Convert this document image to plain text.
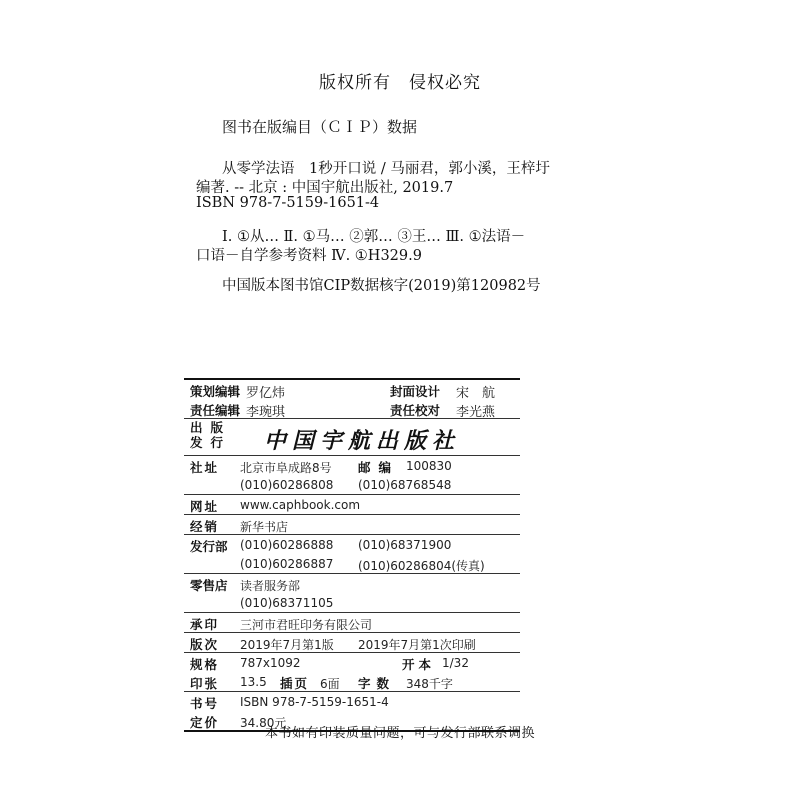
版权所有　侵权必究
图书在版编目（ＣＩＰ）数据
从零学法语　1秒开口说 / 马丽君，郭小溪，王梓圩
编著. -- 北京 : 中国宇航出版社, 2019.7
ISBN 978-7-5159-1651-4
Ⅰ. ①从… Ⅱ. ①马… ②郭… ③王… Ⅲ. ①法语－
口语－自学参考资料 Ⅳ. ①H329.9
中国版本图书馆CIP数据核字(2019)第120982号
策划编辑 罗亿炜	封面设计 宋　航
责任编辑 李琬琪	责任校对 李光燕
出版
发行 中国宇航出版社
社址 北京市阜成路8号 邮编 100830
(010)60286808 (010)68768548
网址 www.caphbook.com
经销 新华书店
发行部 (010)60286888 (010)68371900
(010)60286887 (010)60286804(传真)
零售店 读者服务部
(010)68371105
承印 三河市君旺印务有限公司
版次 2019年7月第1版 2019年7月第1次印刷
规格 787x1092	开本 1/32
印张 13.5 插页 6面 字数 348千字
书号 ISBN 978-7-5159-1651-4
定价 34.80元
本书如有印装质量问题，可与发行部联系调换
